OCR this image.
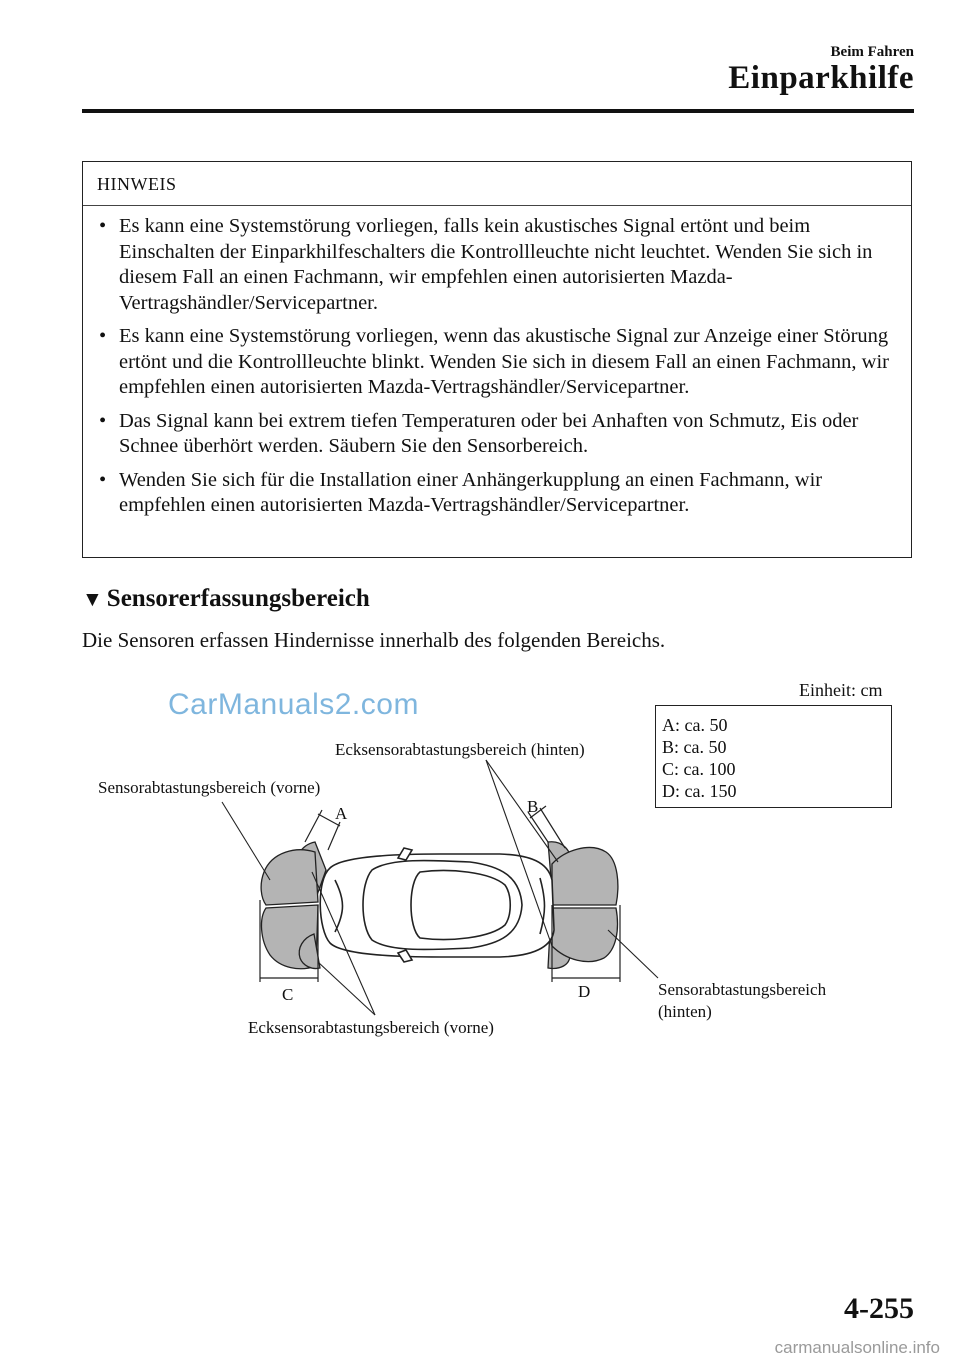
Beim Fahren
Einparkhilfe
HINWEIS
• Es kann eine Systemstörung vorliegen, falls kein akustisches Signal ertönt und beim Einschalten der Einparkhilfeschalters die Kontrollleuchte nicht leuchtet. Wenden Sie sich in diesem Fall an einen Fachmann, wir empfehlen einen autorisierten Mazda-Vertragshändler/Servicepartner.
• Es kann eine Systemstörung vorliegen, wenn das akustische Signal zur Anzeige einer Störung ertönt und die Kontrollleuchte blinkt. Wenden Sie sich in diesem Fall an einen Fachmann, wir empfehlen einen autorisierten Mazda-Vertragshändler/Servicepartner.
• Das Signal kann bei extrem tiefen Temperaturen oder bei Anhaften von Schmutz, Eis oder Schnee überhört werden. Säubern Sie den Sensorbereich.
• Wenden Sie sich für die Installation einer Anhängerkupplung an einen Fachmann, wir empfehlen einen autorisierten Mazda-Vertragshändler/Servicepartner.
▼ Sensorerfassungsbereich
Die Sensoren erfassen Hindernisse innerhalb des folgenden Bereichs.
CarManuals2.com	Einheit: cm
A: ca. 50
B: ca. 50
C: ca. 100
D: ca. 150
Ecksensorabtastungsbereich (hinten)
Sensorabtastungsbereich (vorne)
A	B
C	D	Sensorabtastungsbereich
(hinten)
Ecksensorabtastungsbereich (vorne)
4-255
carmanualsonline.info
